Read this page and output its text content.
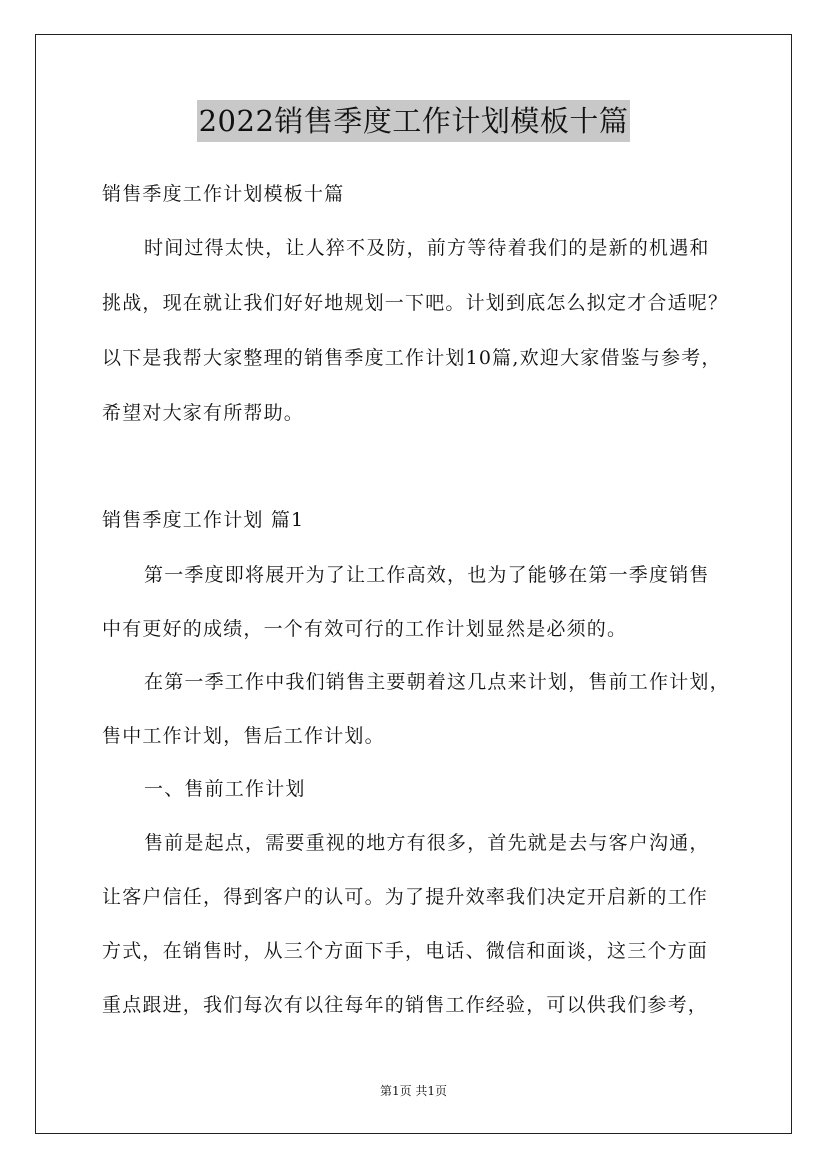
2022销售季度工作计划模板十篇
销售季度工作计划模板十篇
时间过得太快，让人猝不及防，前方等待着我们的是新的机遇和
挑战，现在就让我们好好地规划一下吧。计划到底怎么拟定才合适呢？
以下是我帮大家整理的销售季度工作计划10篇,欢迎大家借鉴与参考，
希望对大家有所帮助。
销售季度工作计划 篇1
第一季度即将展开为了让工作高效，也为了能够在第一季度销售
中有更好的成绩，一个有效可行的工作计划显然是必须的。
在第一季工作中我们销售主要朝着这几点来计划，售前工作计划，
售中工作计划，售后工作计划。
一、售前工作计划
售前是起点，需要重视的地方有很多，首先就是去与客户沟通，
让客户信任，得到客户的认可。为了提升效率我们决定开启新的工作
方式，在销售时，从三个方面下手，电话、微信和面谈，这三个方面
重点跟进，我们每次有以往每年的销售工作经验，可以供我们参考，
第1页 共1页
